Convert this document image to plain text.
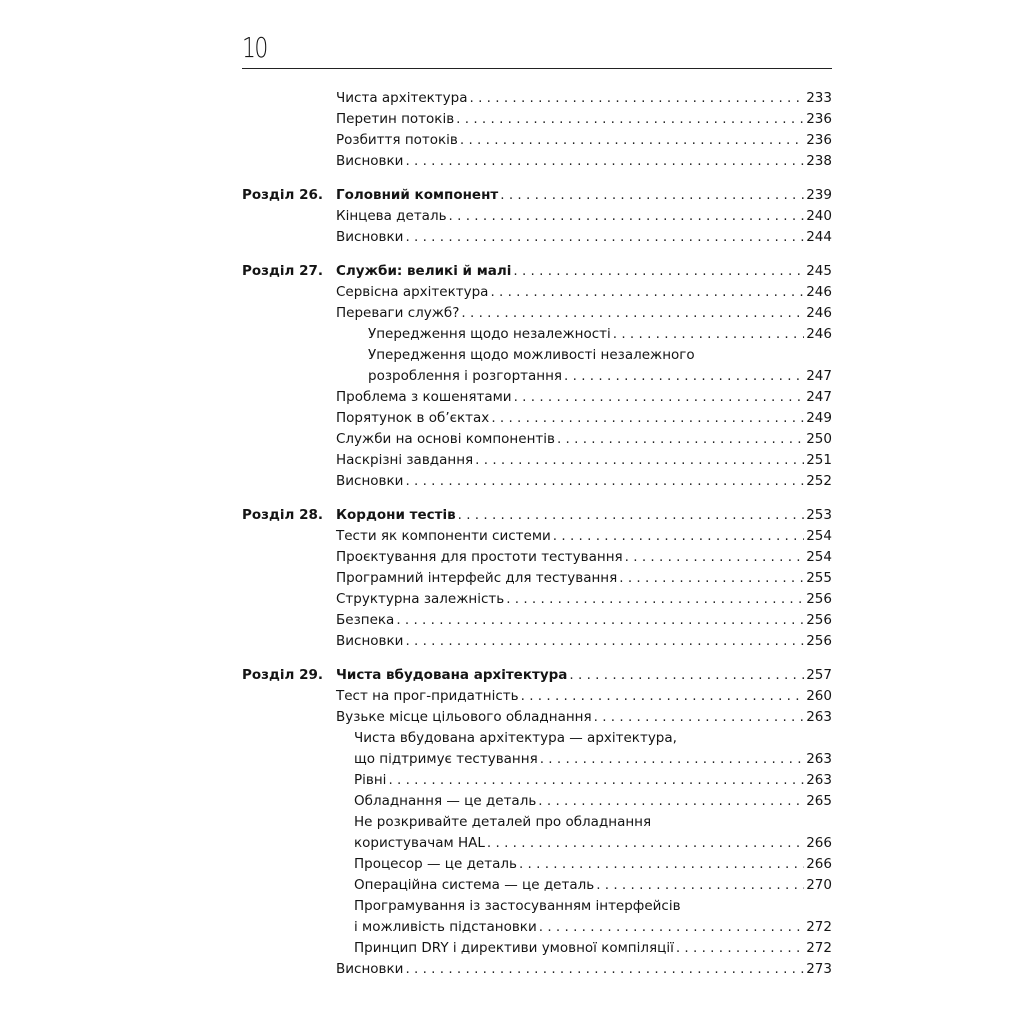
10
Чиста архітектура . . .	233
Перетин потоків . . .	236
Розбиття потоків . . .	236
Висновки . . .	238
Розділ 26. Головний компонент . . .	239
Кінцева деталь . . .	240
Висновки . . .	244
Розділ 27. Служби: великі й малі . . .	245
Сервісна архітектура . . .	246
Переваги служб? . . .	246
Упередження щодо незалежності . . .	246
Упередження щодо можливості незалежного
розроблення і розгортання . . .	247
Проблема з кошенятами . . .	247
Порятунок в об’єктах . . .	249
Служби на основі компонентів . . .	250
Наскрізні завдання . . .	251
Висновки . . .	252
Розділ 28. Кордони тестів . . .	253
Тести як компоненти системи . . .	254
Проєктування для простоти тестування . . .	254
Програмний інтерфейс для тестування . . .	255
Структурна залежність . . .	256
Безпека . . .	256
Висновки . . .	256
Розділ 29. Чиста вбудована архітектура . . .	257
Тест на прог-придатність . . .	260
Вузьке місце цільового обладнання . . .	263
Чиста вбудована архітектура — архітектура,
що підтримує тестування . . .	263
Рівні . . .	263
Обладнання — це деталь . . .	265
Не розкривайте деталей про обладнання
користувачам HAL . . .	266
Процесор — це деталь . . .	266
Операційна система — це деталь . . .	270
Програмування із застосуванням інтерфейсів
і можливість підстановки . . .	272
Принцип DRY і директиви умовної компіляції . . .	272
Висновки . . .	273
